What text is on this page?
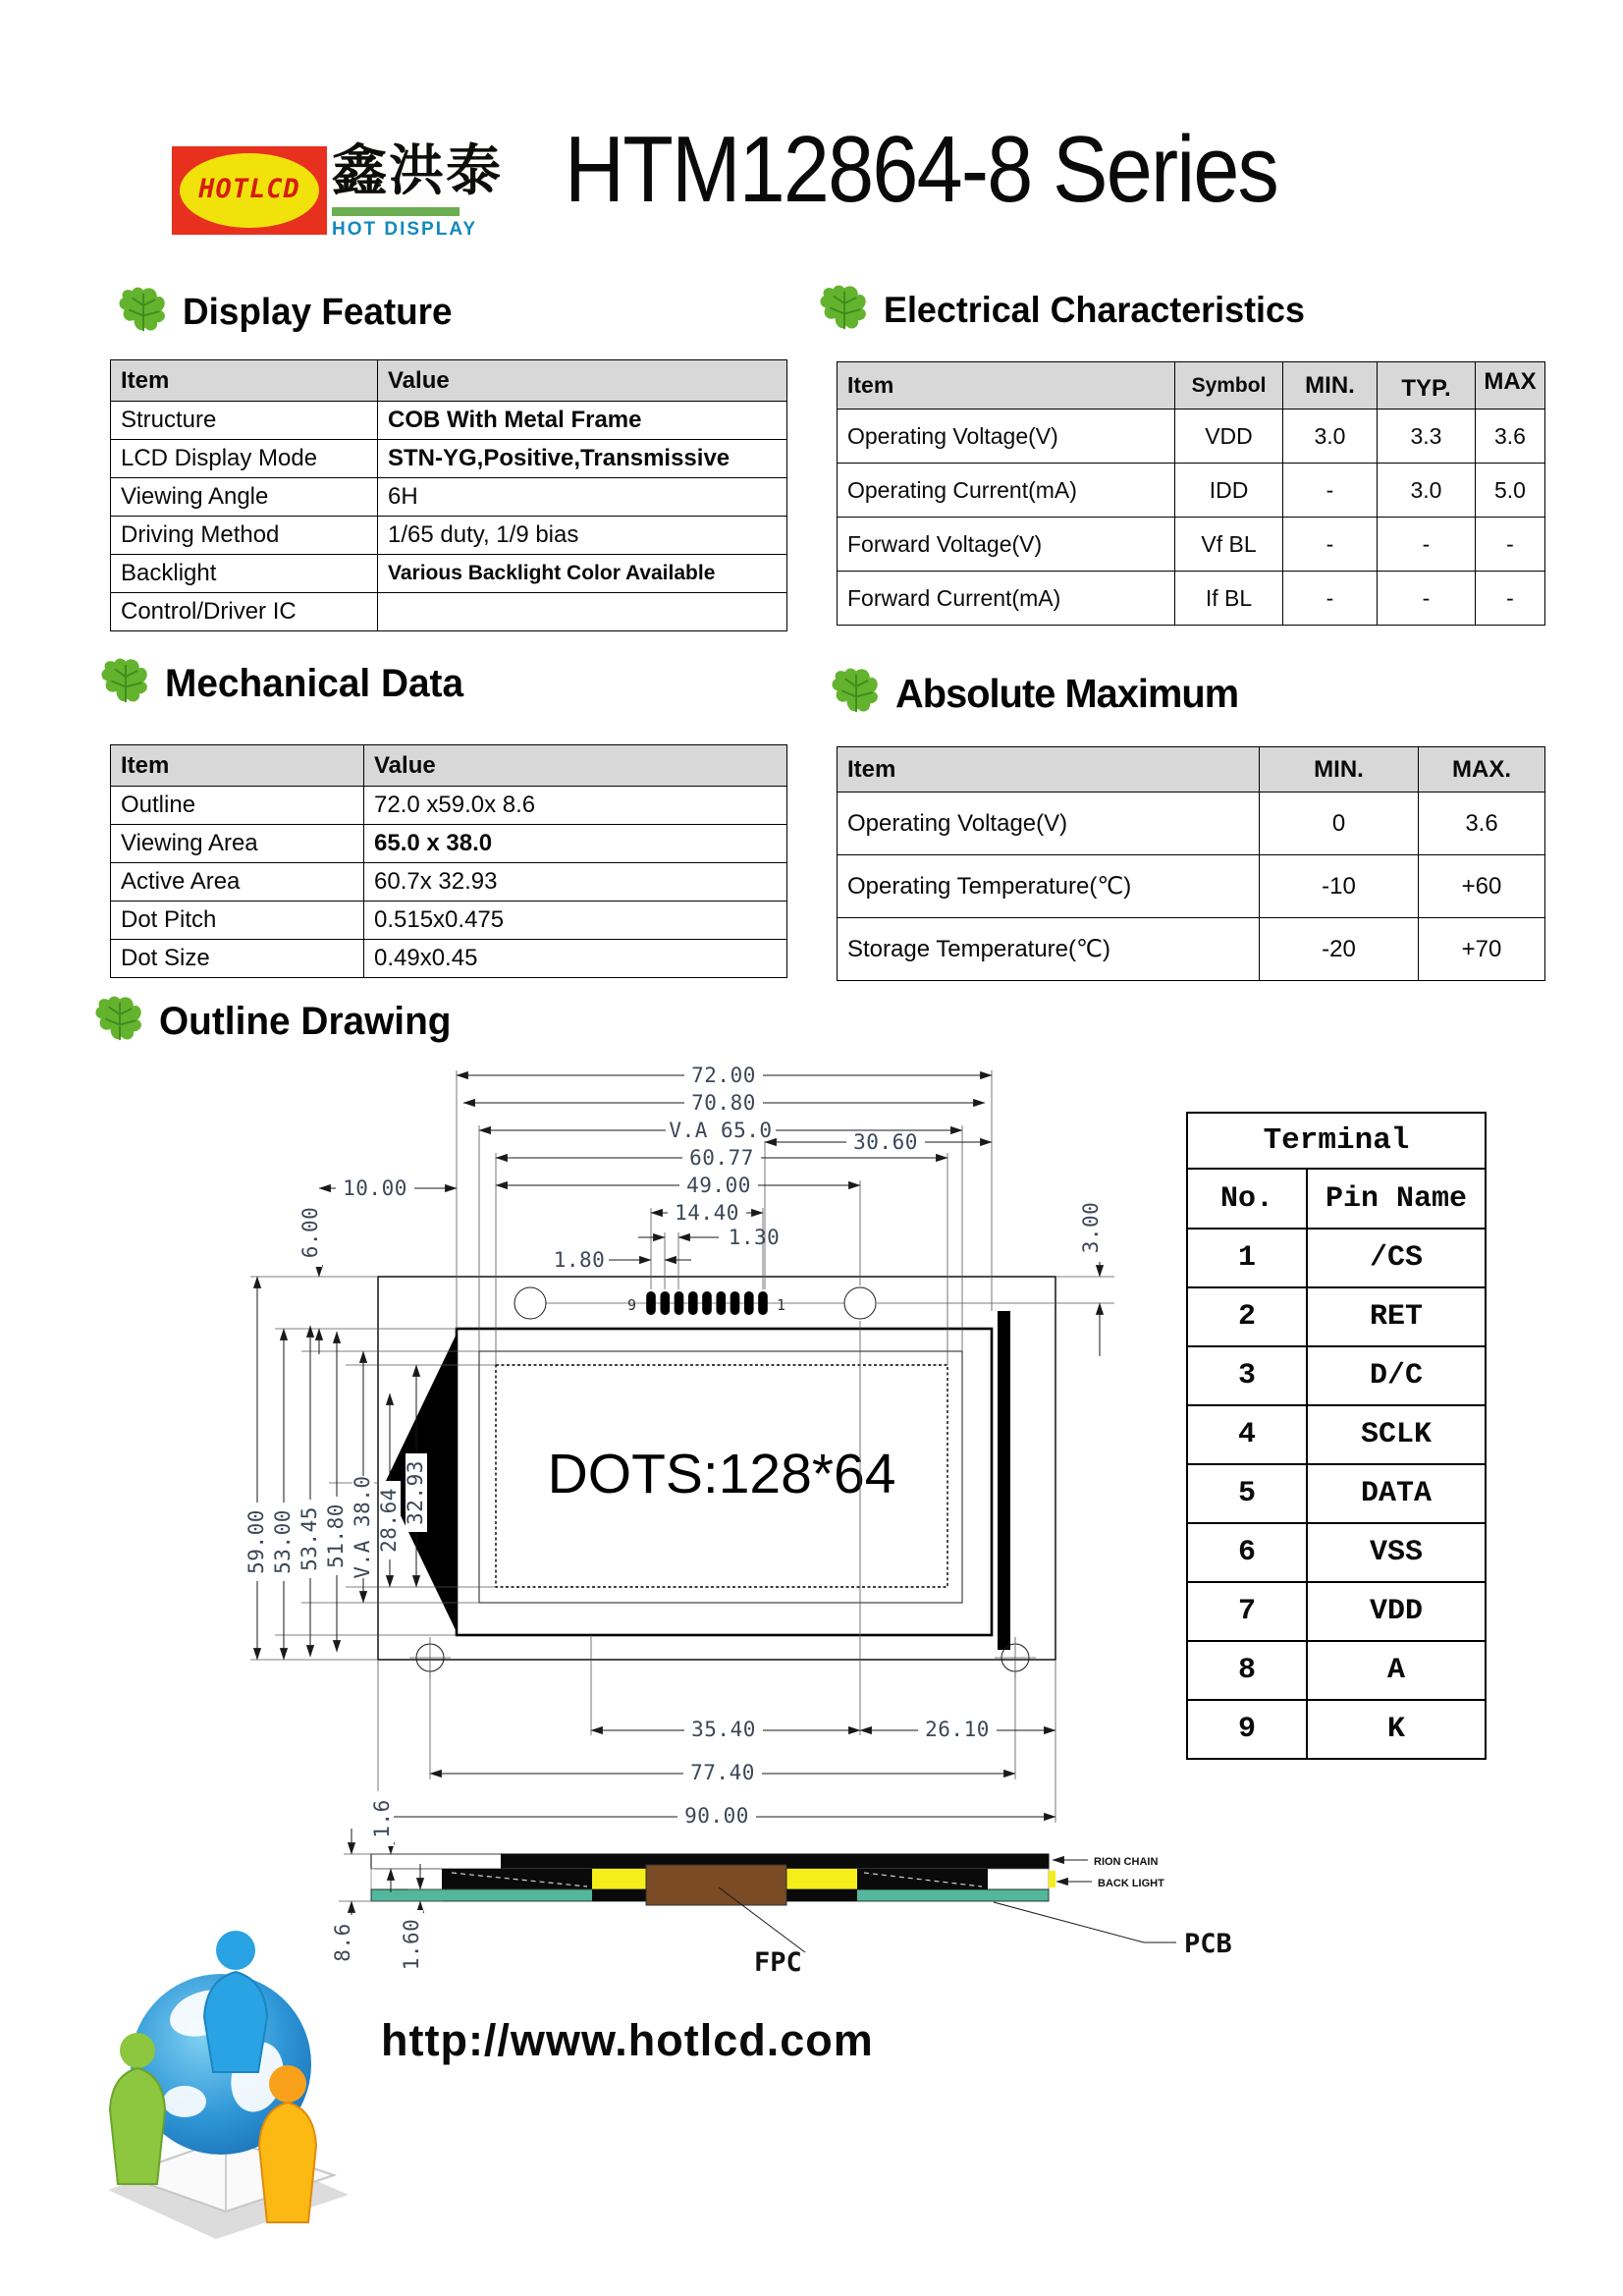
HOTLCD 鑫洪泰
HOT DISPLAY
HTM12864-8 Series
Display Feature	Electrical Characteristics
Mechanical Data	Absolute Maximum
Outline Drawing
Item	Value
Structure	COB With Metal Frame
LCD Display Mode	STN-YG,Positive,Transmissive
Viewing Angle	6H
Driving Method	1/65 duty, 1/9 bias
Backlight	Various Backlight Color Available
Control/Driver IC	
Item	Symbol	MIN.	TYP.	MAX
Operating Voltage(V)	VDD	3.0	3.3	3.6
Operating Current(mA)	IDD	-	3.0	5.0
Forward Voltage(V)	Vf BL	-	-	-
Forward Current(mA)	If BL	-	-	-
Item	Value
Outline	72.0 x59.0x 8.6
Viewing Area	65.0 x 38.0
Active Area	60.7x 32.93
Dot Pitch	0.515x0.475
Dot Size	0.49x0.45
Item	MIN.	MAX.
Operating Voltage(V)	0	3.6
Operating Temperature(℃)	-10	+60
Storage Temperature(℃)	-20	+70
Terminal	
No.	Pin Name
1	/CS
2	RET
3	D/C
4	SCLK
5	DATA
6	VSS
7	VDD
8	A
9	K
DOTS:128*64
9	1
72.00
70.80
V.A 65.0	30.60
60.77
49.00
10.00
14.40
1.30
1.80
6.00	3.00
59.00 53.00 53.45 51.80 V.A 38.0 28.64 32.93
35.40	26.10
77.40
90.00
1.6
8.6 1.60
RION CHAIN
BACK LIGHT
PCB
FPC
http://www.hotlcd.com
